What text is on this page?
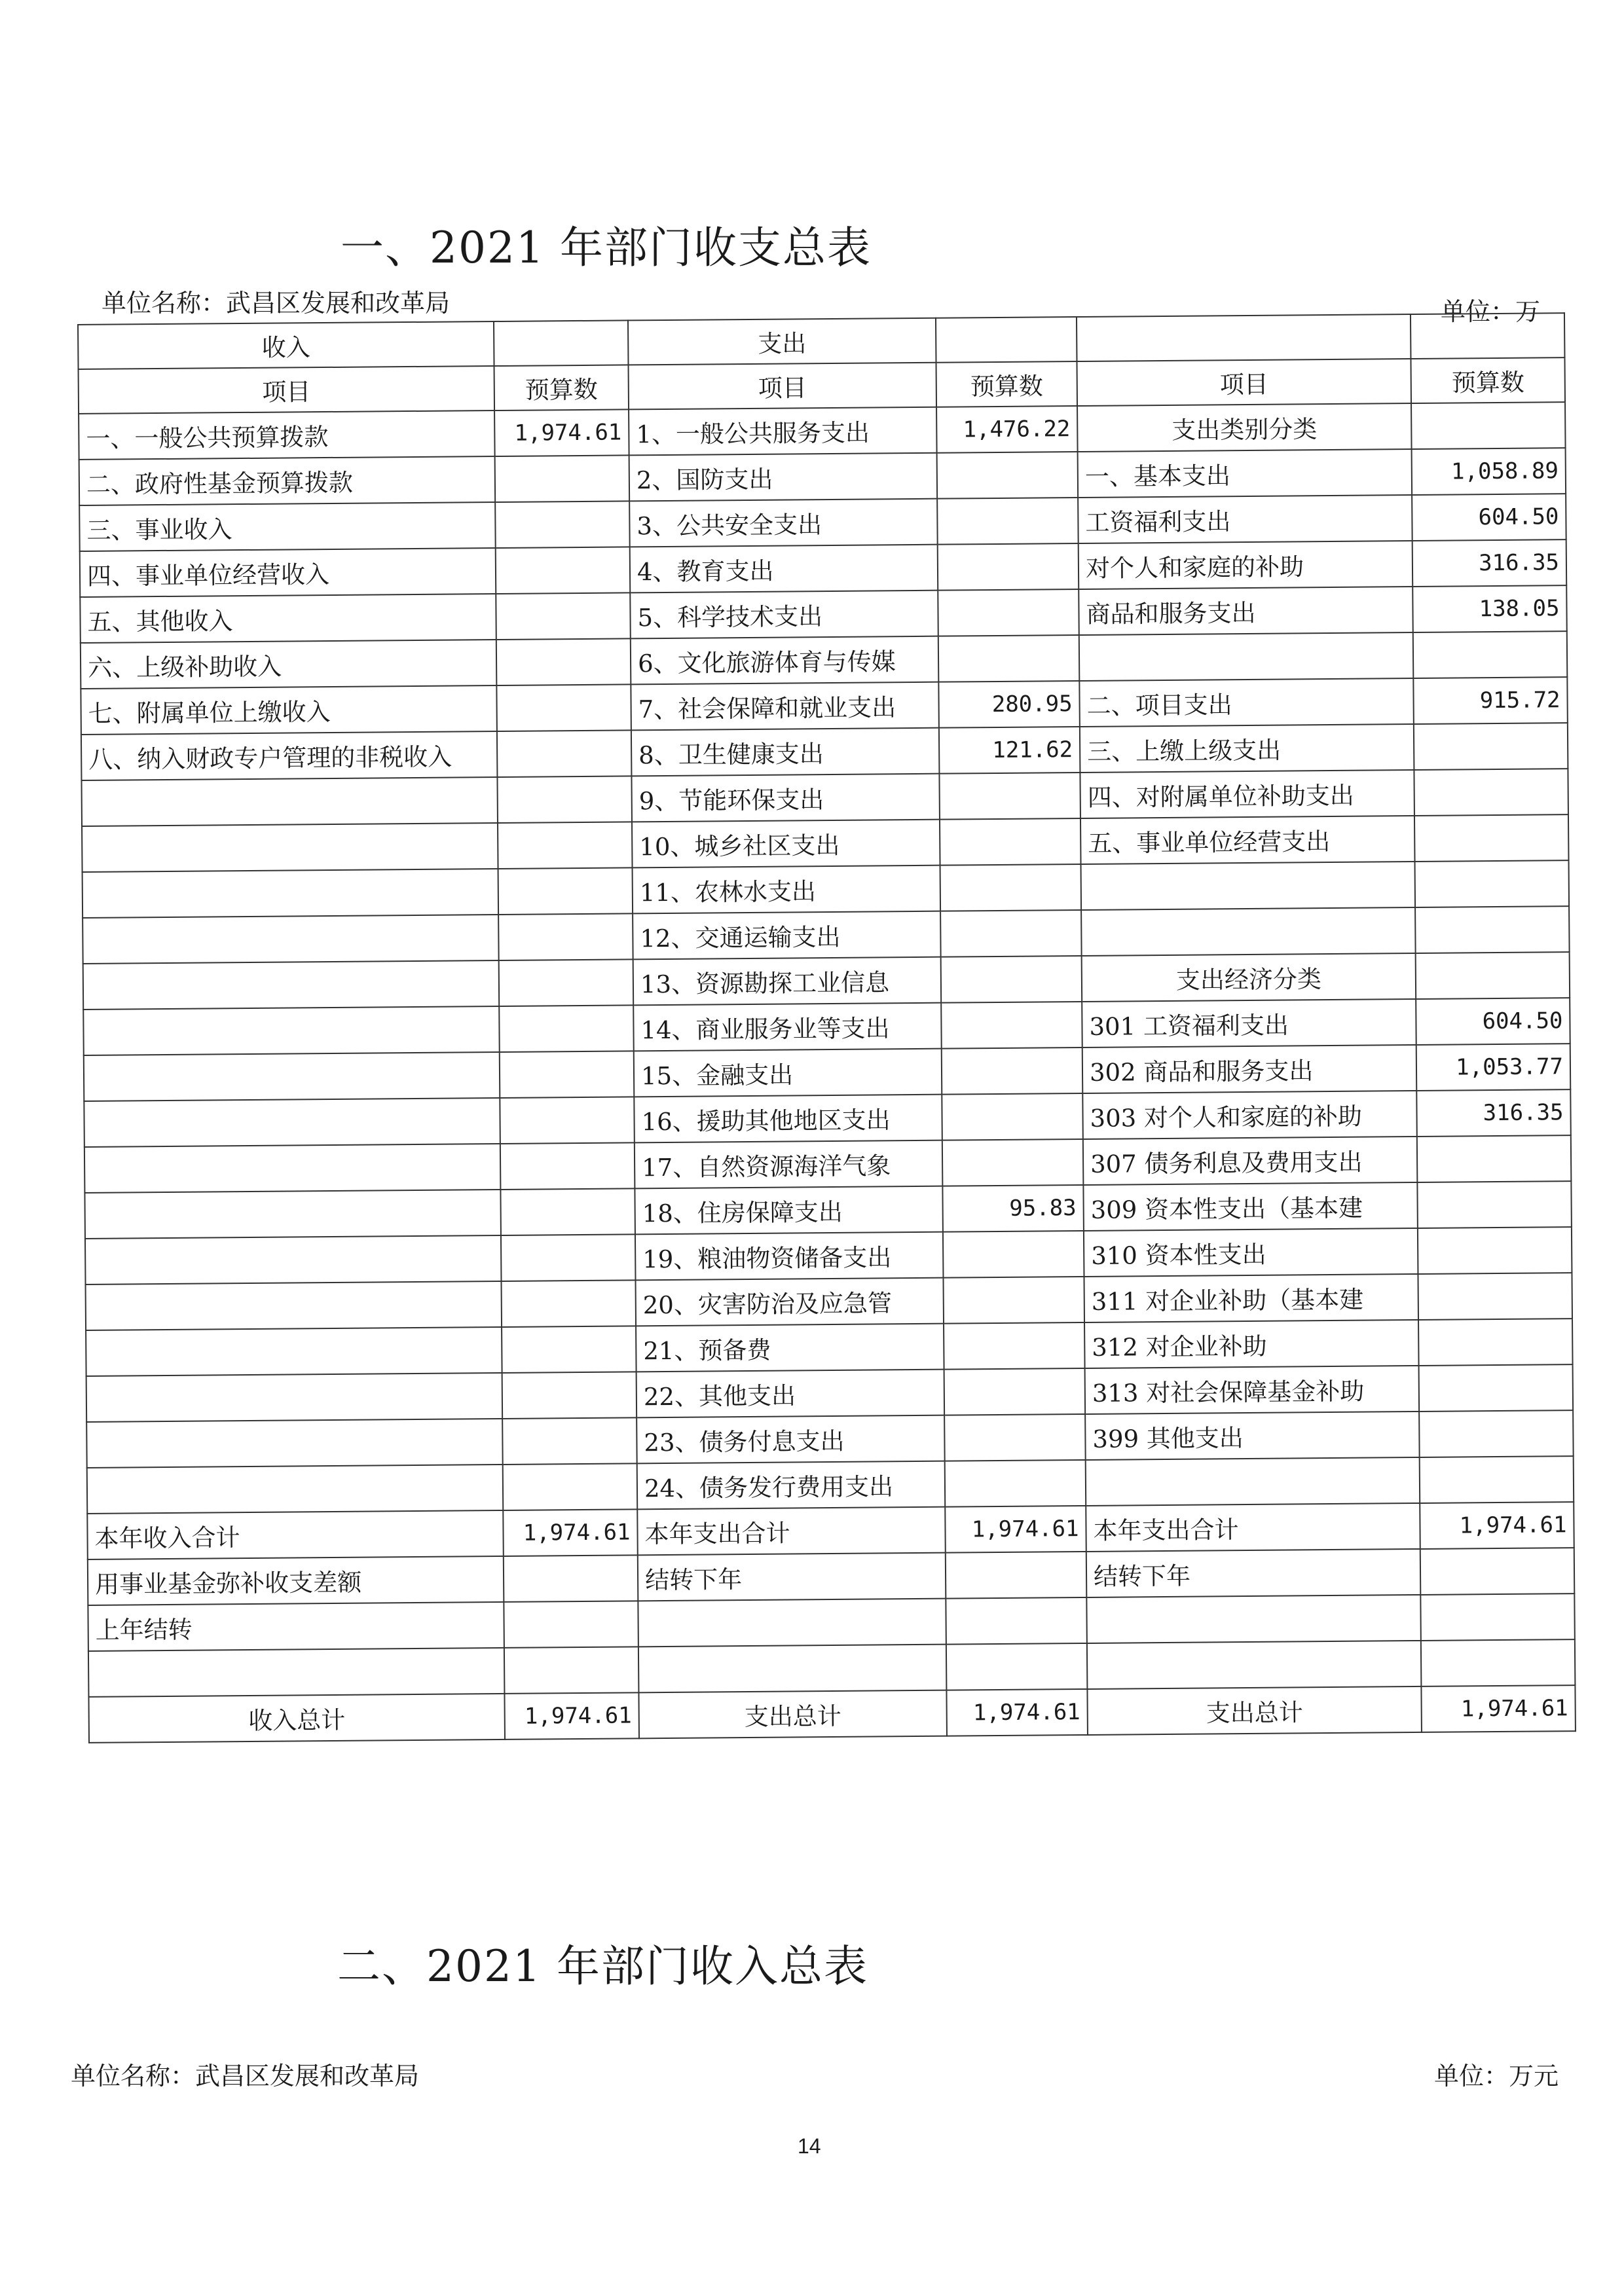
一、2021 年部门收支总表
单位名称：武昌区发展和改革局	单位：万
收入		支出			
项目	预算数	项目	预算数	项目	预算数
一、一般公共预算拨款	1,974.61	1、一般公共服务支出	1,476.22	支出类别分类	
二、政府性基金预算拨款		2、国防支出		一、基本支出	1,058.89
三、事业收入		3、公共安全支出		工资福利支出	604.50
四、事业单位经营收入		4、教育支出		对个人和家庭的补助	316.35
五、其他收入		5、科学技术支出		商品和服务支出	138.05
六、上级补助收入		6、文化旅游体育与传媒			
七、附属单位上缴收入		7、社会保障和就业支出	280.95	二、项目支出	915.72
八、纳入财政专户管理的非税收入		8、卫生健康支出	121.62	三、上缴上级支出	
		9、节能环保支出		四、对附属单位补助支出	
		10、城乡社区支出		五、事业单位经营支出	
		11、农林水支出			
		12、交通运输支出			
		13、资源勘探工业信息		支出经济分类	
		14、商业服务业等支出		301 工资福利支出	604.50
		15、金融支出		302 商品和服务支出	1,053.77
		16、援助其他地区支出		303 对个人和家庭的补助	316.35
		17、自然资源海洋气象		307 债务利息及费用支出	
		18、住房保障支出	95.83	309 资本性支出（基本建	
		19、粮油物资储备支出		310 资本性支出	
		20、灾害防治及应急管		311 对企业补助（基本建	
		21、预备费		312 对企业补助	
		22、其他支出		313 对社会保障基金补助	
		23、债务付息支出		399 其他支出	
		24、债务发行费用支出			
本年收入合计	1,974.61	本年支出合计	1,974.61	本年支出合计	1,974.61
用事业基金弥补收支差额		结转下年		结转下年	
上年结转					

收入总计	1,974.61	支出总计	1,974.61	支出总计	1,974.61
二、2021 年部门收入总表
单位名称：武昌区发展和改革局	单位：万元
14
